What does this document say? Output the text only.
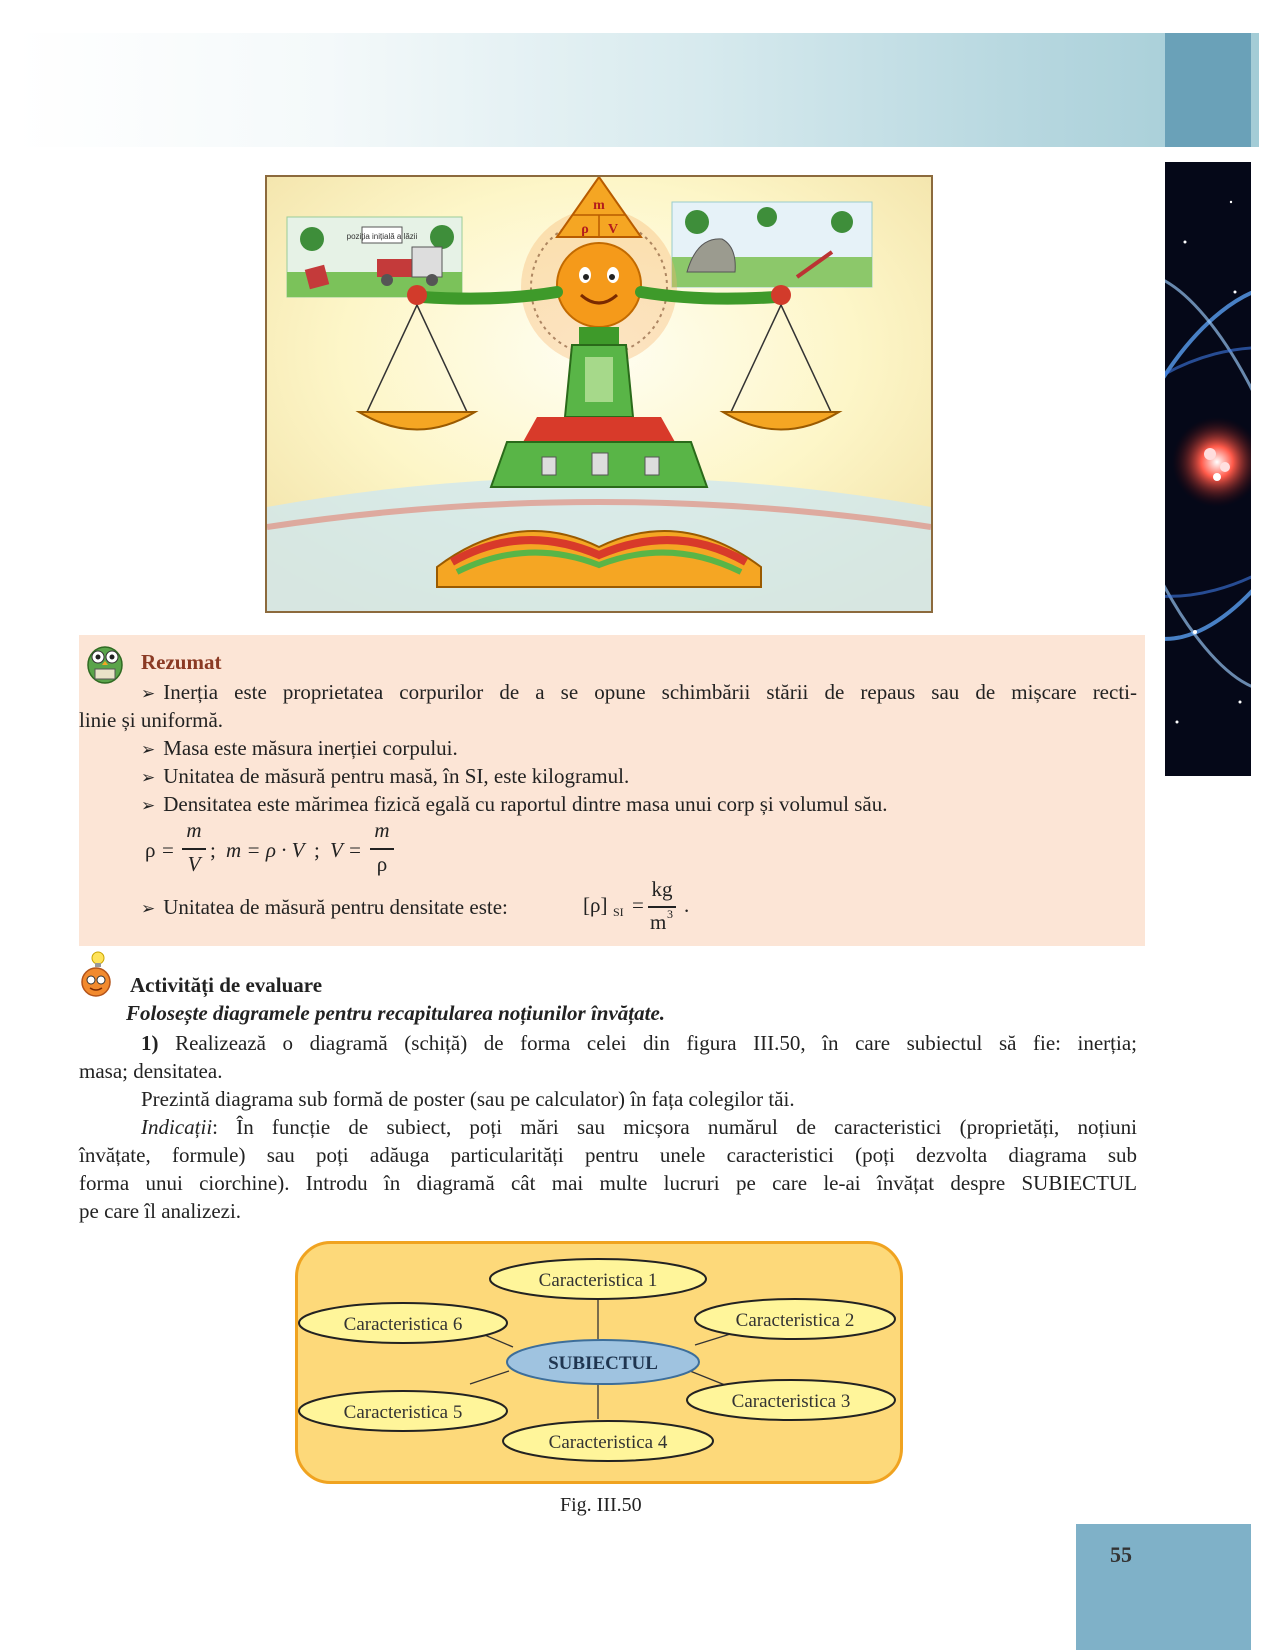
poziția inițială a lăzii
m
ρ V
Rezumat
➢ Inerția este proprietatea corpurilor de a se opune schimbării stării de repaus sau de mișcare recti-
linie și uniformă.
➢ Masa este măsura inerției corpului.
➢ Unitatea de măsură pentru masă, în SI, este kilogramul.
➢ Densitatea este mărimea fizică egală cu raportul dintre masa unui corp și volumul său.
ρ =
m
V
; m = ρ · V ; V =
m
ρ
➢ Unitatea de măsură pentru densitate este:	[ρ] SI =
kg
m 3 .
Activități de evaluare
Folosește diagramele pentru recapitularea noțiunilor învățate.
1) Realizează o diagramă (schiță) de forma celei din figura III.50, în care subiectul să fie: inerția;
masa; densitatea.
Prezintă diagrama sub formă de poster (sau pe calculator) în fața colegilor tăi.
Indicații: În funcție de subiect, poți mări sau micșora numărul de caracteristici (proprietăți, noțiuni
învățate, formule) sau poți adăuga particularități pentru unele caracteristici (poți dezvolta diagrama sub
forma unui ciorchine). Introdu în diagramă cât mai multe lucruri pe care le-ai învățat despre SUBIECTUL
pe care îl analizezi.
SUBIECTUL
Caracteristica 1
Caracteristica 2
Caracteristica 3
Caracteristica 4
Caracteristica 5
Caracteristica 6
Fig. III.50
55
